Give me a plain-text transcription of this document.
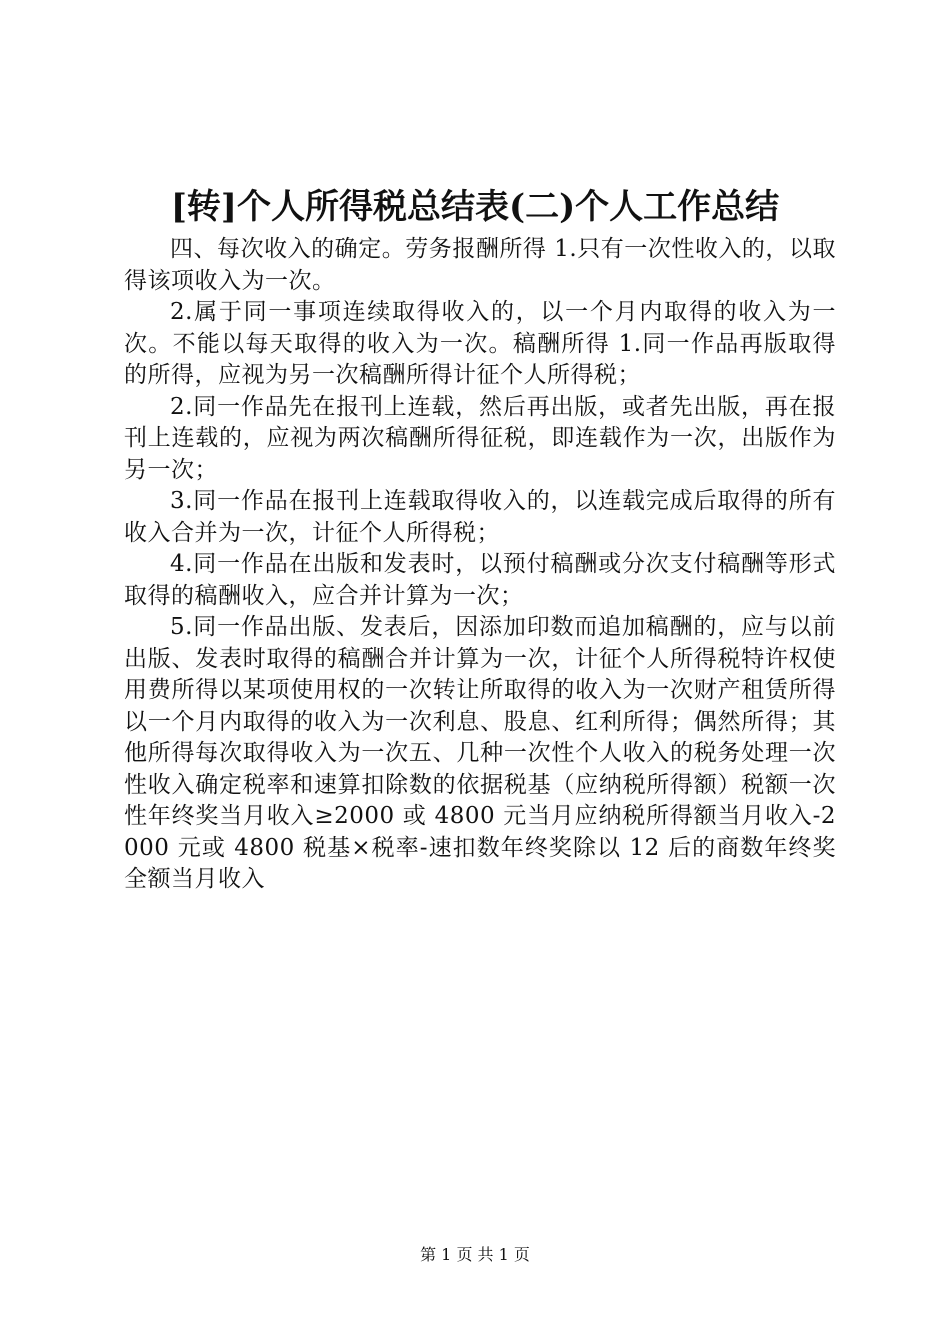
[转]个人所得税总结表(二)个人工作总结

四、每次收入的确定。劳务报酬所得 1.只有一次性收入的，以取得该项收入为一次。

2.属于同一事项连续取得收入的，以一个月内取得的收入为一次。不能以每天取得的收入为一次。稿酬所得 1.同一作品再版取得的所得，应视为另一次稿酬所得计征个人所得税；

2.同一作品先在报刊上连载，然后再出版，或者先出版，再在报刊上连载的，应视为两次稿酬所得征税，即连载作为一次，出版作为另一次；

3.同一作品在报刊上连载取得收入的，以连载完成后取得的所有收入合并为一次，计征个人所得税；

4.同一作品在出版和发表时，以预付稿酬或分次支付稿酬等形式取得的稿酬收入，应合并计算为一次；

5.同一作品出版、发表后，因添加印数而追加稿酬的，应与以前出版、发表时取得的稿酬合并计算为一次，计征个人所得税特许权使用费所得以某项使用权的一次转让所取得的收入为一次财产租赁所得以一个月内取得的收入为一次利息、股息、红利所得；偶然所得；其他所得每次取得收入为一次五、几种一次性个人收入的税务处理一次性收入确定税率和速算扣除数的依据税基（应纳税所得额）税额一次性年终奖当月收入≥2000 或 4800 元当月应纳税所得额当月收入-2000 元或 4800 税基×税率-速扣数年终奖除以 12 后的商数年终奖全额当月收入

第 1 页 共 1 页
